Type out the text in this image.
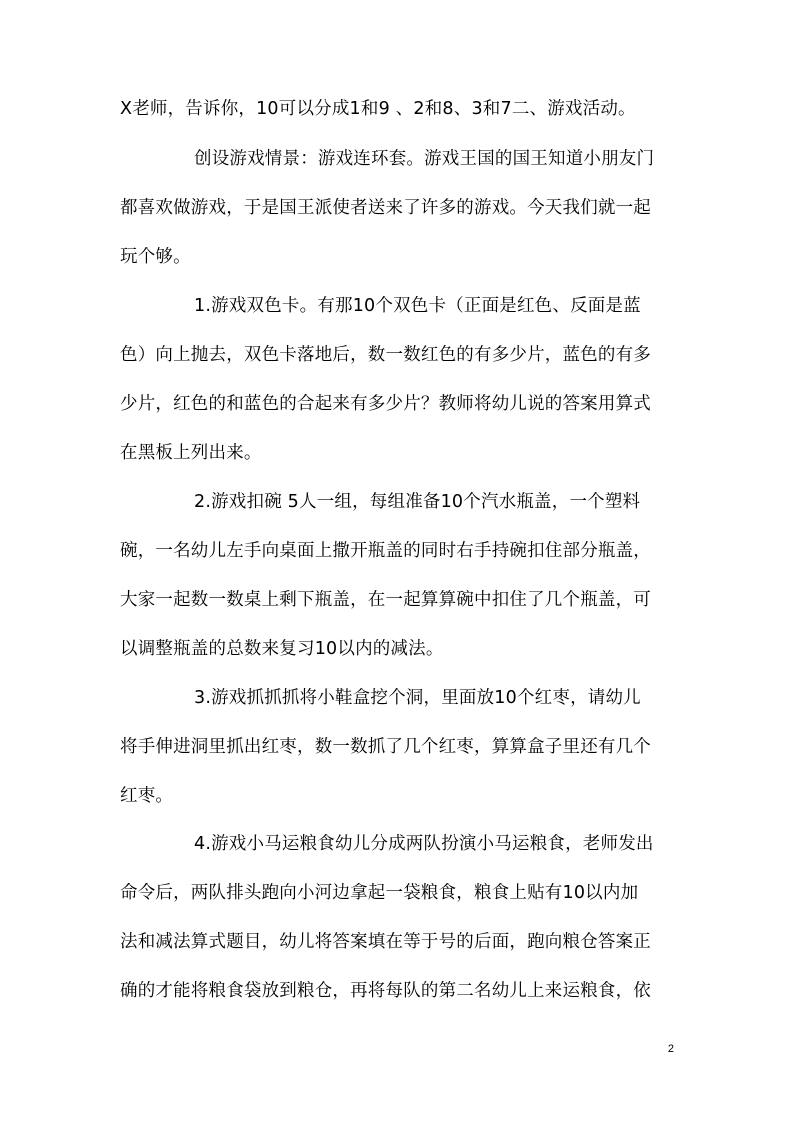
X老师，告诉你，10可以分成1和9 、2和8、3和7二、游戏活动。
创设游戏情景：游戏连环套。游戏王国的国王知道小朋友门
都喜欢做游戏，于是国王派使者送来了许多的游戏。今天我们就一起
玩个够。
1.游戏双色卡。有那10个双色卡（正面是红色、反面是蓝
色）向上抛去，双色卡落地后，数一数红色的有多少片，蓝色的有多
少片，红色的和蓝色的合起来有多少片？教师将幼儿说的答案用算式
在黑板上列出来。
2.游戏扣碗 5人一组，每组准备10个汽水瓶盖，一个塑料
碗，一名幼儿左手向桌面上撒开瓶盖的同时右手持碗扣住部分瓶盖，
大家一起数一数桌上剩下瓶盖，在一起算算碗中扣住了几个瓶盖，可
以调整瓶盖的总数来复习10以内的减法。
3.游戏抓抓抓将小鞋盒挖个洞，里面放10个红枣，请幼儿
将手伸进洞里抓出红枣，数一数抓了几个红枣，算算盒子里还有几个
红枣。
4.游戏小马运粮食幼儿分成两队扮演小马运粮食，老师发出
命令后，两队排头跑向小河边拿起一袋粮食，粮食上贴有10以内加
法和减法算式题目，幼儿将答案填在等于号的后面，跑向粮仓答案正
确的才能将粮食袋放到粮仓，再将每队的第二名幼儿上来运粮食，依
2
